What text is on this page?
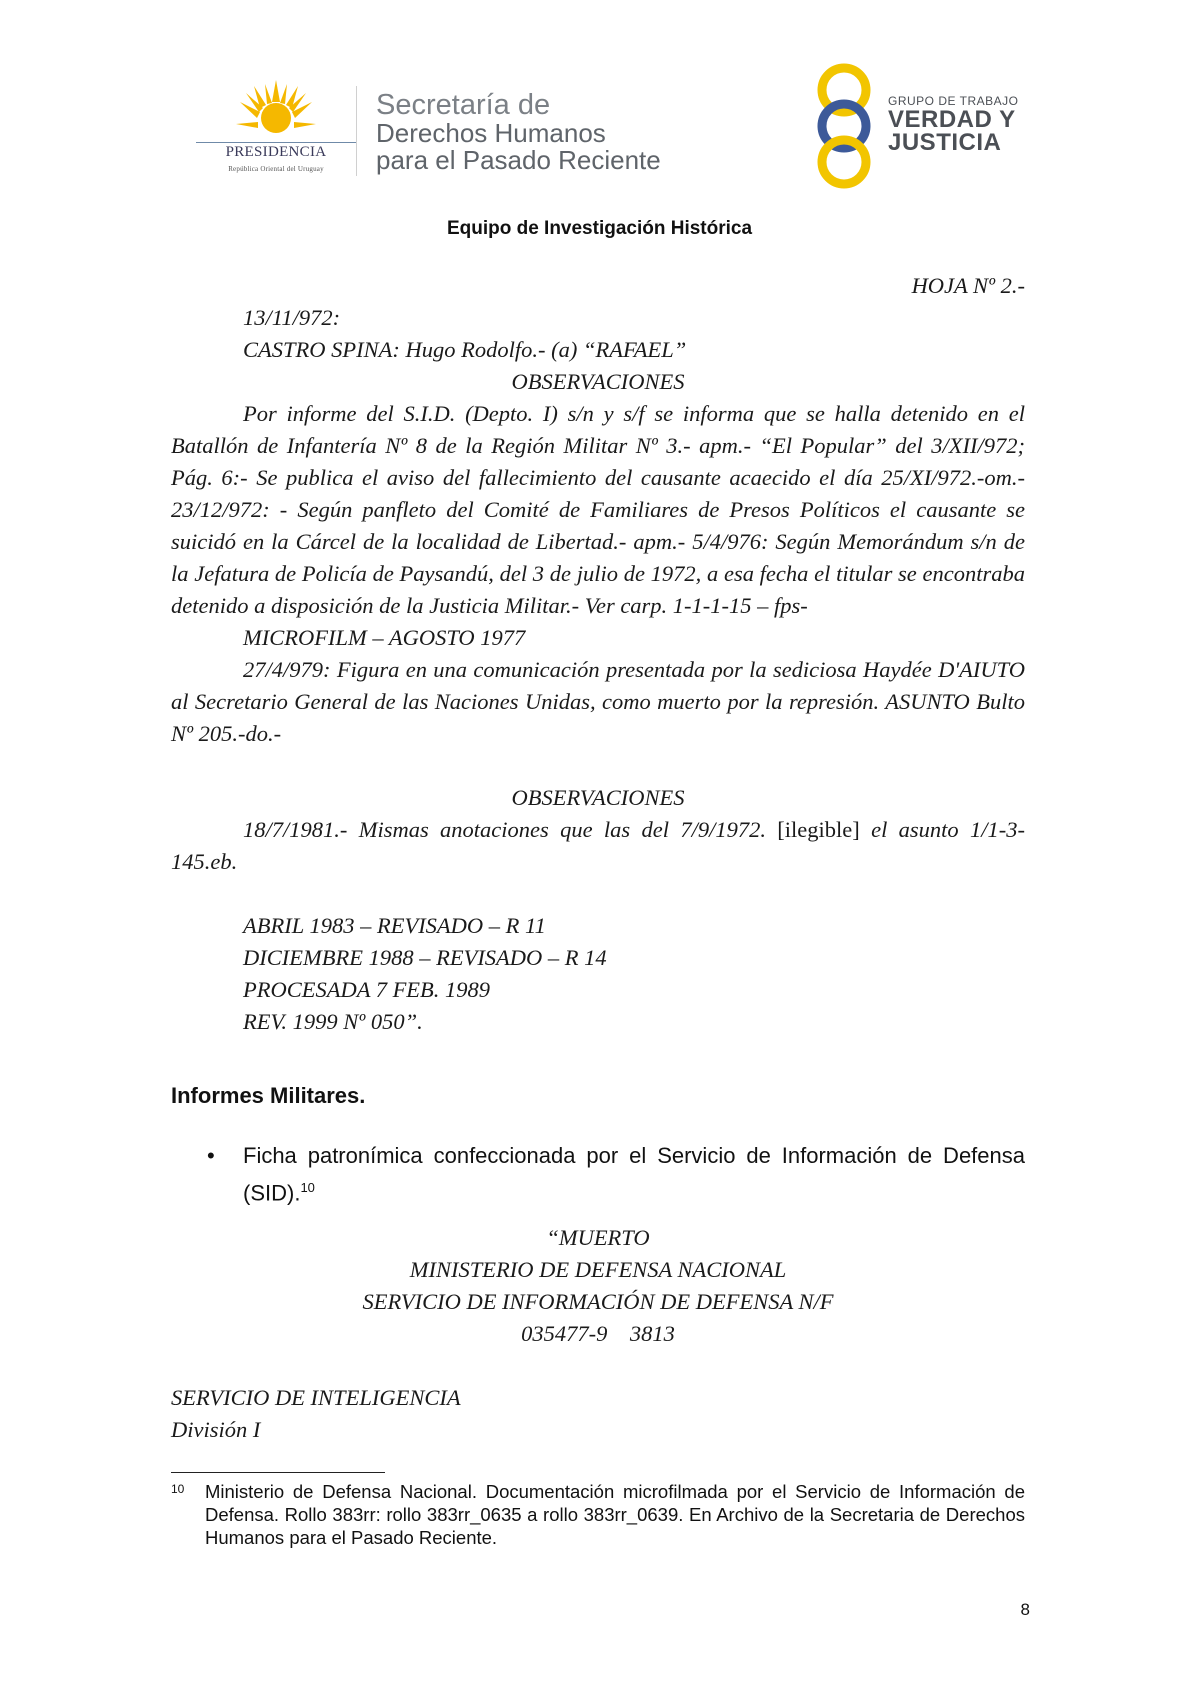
PRESIDENCIA
República Oriental del Uruguay
Secretaría de
Derechos Humanos
para el Pasado Reciente
GRUPO DE TRABAJO
VERDAD Y
JUSTICIA
Equipo de Investigación Histórica
HOJA Nº 2.-
13/11/972:
CASTRO SPINA: Hugo Rodolfo.- (a) “RAFAEL”
OBSERVACIONES
Por informe del S.I.D. (Depto. I) s/n y s/f se informa que se halla detenido en el Batallón de Infantería Nº 8 de la Región Militar Nº 3.- apm.- “El Popular” del 3/XII/972; Pág. 6:- Se publica el aviso del fallecimiento del causante acaecido el día 25/XI/972.-om.- 23/12/972: - Según panfleto del Comité de Familiares de Presos Políticos el causante se suicidó en la Cárcel de la localidad de Libertad.- apm.- 5/4/976: Según Memorándum s/n de la Jefatura de Policía de Paysandú, del 3 de julio de 1972, a esa fecha el titular se encontraba detenido a disposición de la Justicia Militar.- Ver carp. 1-1-1-15 – fps-
MICROFILM – AGOSTO 1977
27/4/979: Figura en una comunicación presentada por la sediciosa Haydée D'AIUTO al Secretario General de las Naciones Unidas, como muerto por la represión. ASUNTO Bulto Nº 205.-do.-
OBSERVACIONES
18/7/1981.- Mismas anotaciones que las del 7/9/1972. [ilegible] el asunto 1/1-3-145.eb.
ABRIL 1983 – REVISADO – R 11
DICIEMBRE 1988 – REVISADO – R 14
PROCESADA 7 FEB. 1989
REV. 1999 Nº 050”.
Informes Militares.
• Ficha patronímica confeccionada por el Servicio de Información de Defensa (SID).$^{10}$
“MUERTO
MINISTERIO DE DEFENSA NACIONAL
SERVICIO DE INFORMACIÓN DE DEFENSA N/F
035477-9    3813
SERVICIO DE INTELIGENCIA
División I
10 Ministerio de Defensa Nacional. Documentación microfilmada por el Servicio de Información de Defensa. Rollo 383rr: rollo 383rr_0635 a rollo 383rr_0639. En Archivo de la Secretaria de Derechos Humanos para el Pasado Reciente.
8
